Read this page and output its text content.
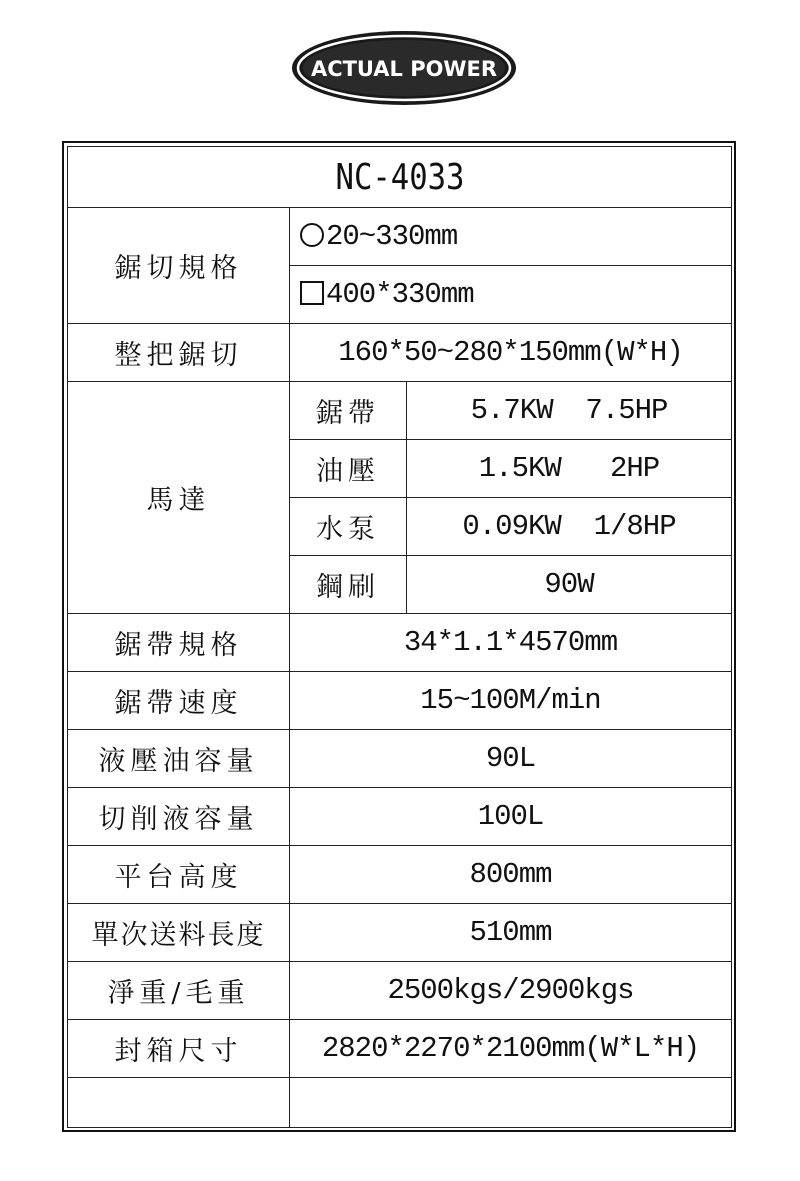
ACTUAL POWER
NC-4033		
鋸切規格	20~330mm	
	400*330mm	
整把鋸切	160*50~280*150mm(W*H)	
馬達	鋸帶	5.7KW  7.5HP
	油壓	1.5KW   2HP
	水泵	0.09KW  1/8HP
	鋼刷	90W
鋸帶規格	34*1.1*4570mm	
鋸帶速度	15~100M/min	
液壓油容量	90L	
切削液容量	100L	
平台高度	800mm	
單次送料長度	510mm	
淨重/毛重	2500kgs/2900kgs	
封箱尺寸	2820*2270*2100mm(W*L*H)	
